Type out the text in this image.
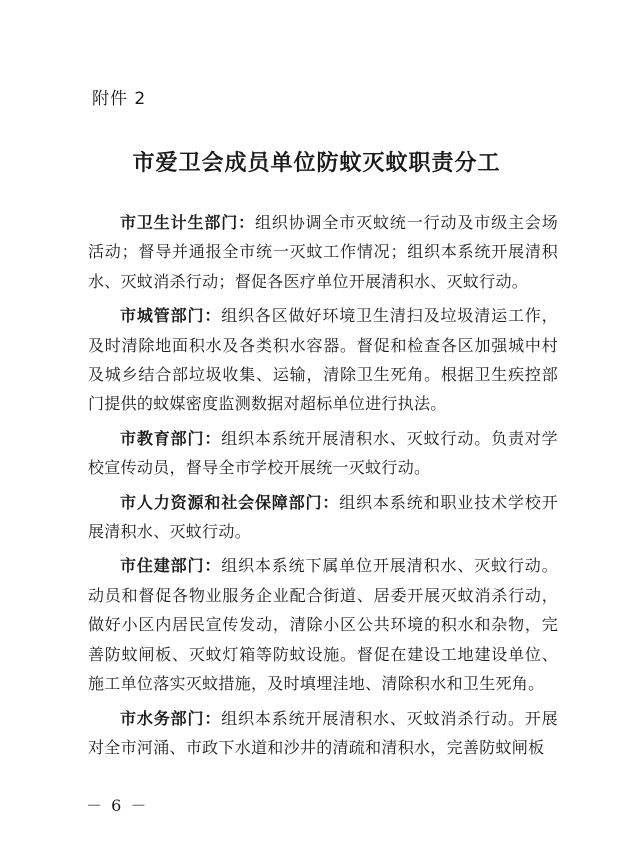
附件 2
市爱卫会成员单位防蚊灭蚊职责分工

市卫生计生部门：组织协调全市灭蚊统一行动及市级主会场活动；督导并通报全市统一灭蚊工作情况；组织本系统开展清积水、灭蚊消杀行动；督促各医疗单位开展清积水、灭蚊行动。

市城管部门：组织各区做好环境卫生清扫及垃圾清运工作，及时清除地面积水及各类积水容器。督促和检查各区加强城中村及城乡结合部垃圾收集、运输，清除卫生死角。根据卫生疾控部门提供的蚊媒密度监测数据对超标单位进行执法。

市教育部门：组织本系统开展清积水、灭蚊行动。负责对学校宣传动员，督导全市学校开展统一灭蚊行动。

市人力资源和社会保障部门：组织本系统和职业技术学校开展清积水、灭蚊行动。

市住建部门：组织本系统下属单位开展清积水、灭蚊行动。动员和督促各物业服务企业配合街道、居委开展灭蚊消杀行动，做好小区内居民宣传发动，清除小区公共环境的积水和杂物，完善防蚊闸板、灭蚊灯箱等防蚊设施。督促在建设工地建设单位、施工单位落实灭蚊措施，及时填埋洼地、清除积水和卫生死角。

市水务部门：组织本系统开展清积水、灭蚊消杀行动。开展对全市河涌、市政下水道和沙井的清疏和清积水，完善防蚊闸板

－ 6 －
